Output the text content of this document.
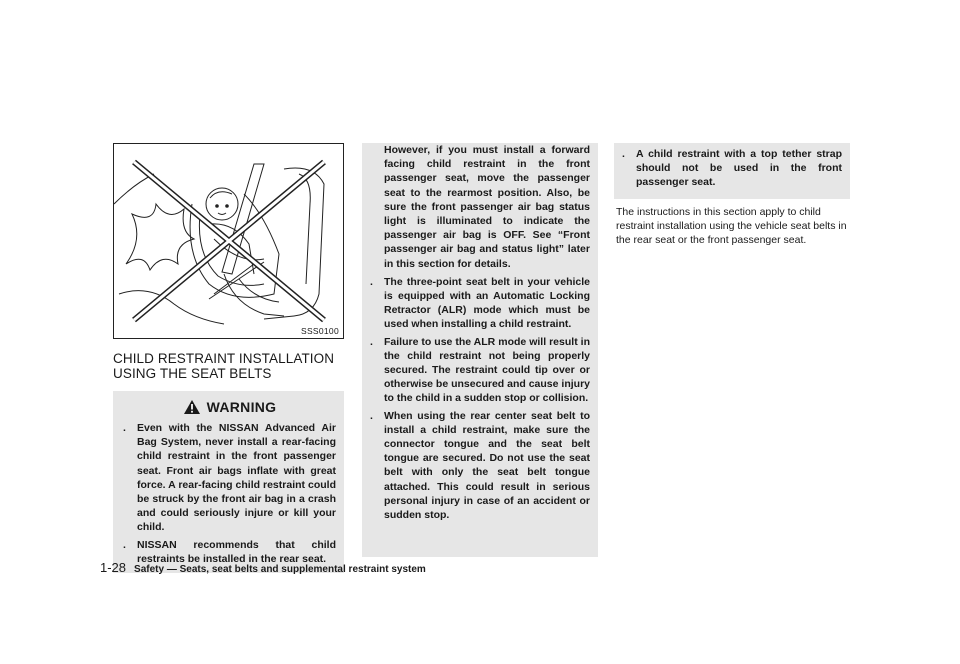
SSS0100
CHILD RESTRAINT INSTALLATION
USING THE SEAT BELTS
WARNING
.	Even with the NISSAN Advanced Air Bag System, never install a rear-facing child restraint in the front passenger seat. Front air bags inflate with great force. A rear-facing child restraint could be struck by the front air bag in a crash and could seriously injure or kill your child.
.	NISSAN recommends that child restraints be installed in the rear seat.
However, if you must install a forward facing child restraint in the front passenger seat, move the passenger seat to the rearmost position. Also, be sure the front passenger air bag status light is illuminated to indicate the passenger air bag is OFF. See “Front passenger air bag and status light” later in this section for details.
.	The three-point seat belt in your vehicle is equipped with an Automatic Locking Retractor (ALR) mode which must be used when installing a child restraint.
.	Failure to use the ALR mode will result in the child restraint not being properly secured. The restraint could tip over or otherwise be unsecured and cause injury to the child in a sudden stop or collision.
.	When using the rear center seat belt to install a child restraint, make sure the connector tongue and the seat belt tongue are secured. Do not use the seat belt with only the seat belt tongue attached. This could result in serious personal injury in case of an accident or sudden stop.
.	A child restraint with a top tether strap should not be used in the front passenger seat.
The instructions in this section apply to child restraint installation using the vehicle seat belts in the rear seat or the front passenger seat.
1-28 Safety — Seats, seat belts and supplemental restraint system
